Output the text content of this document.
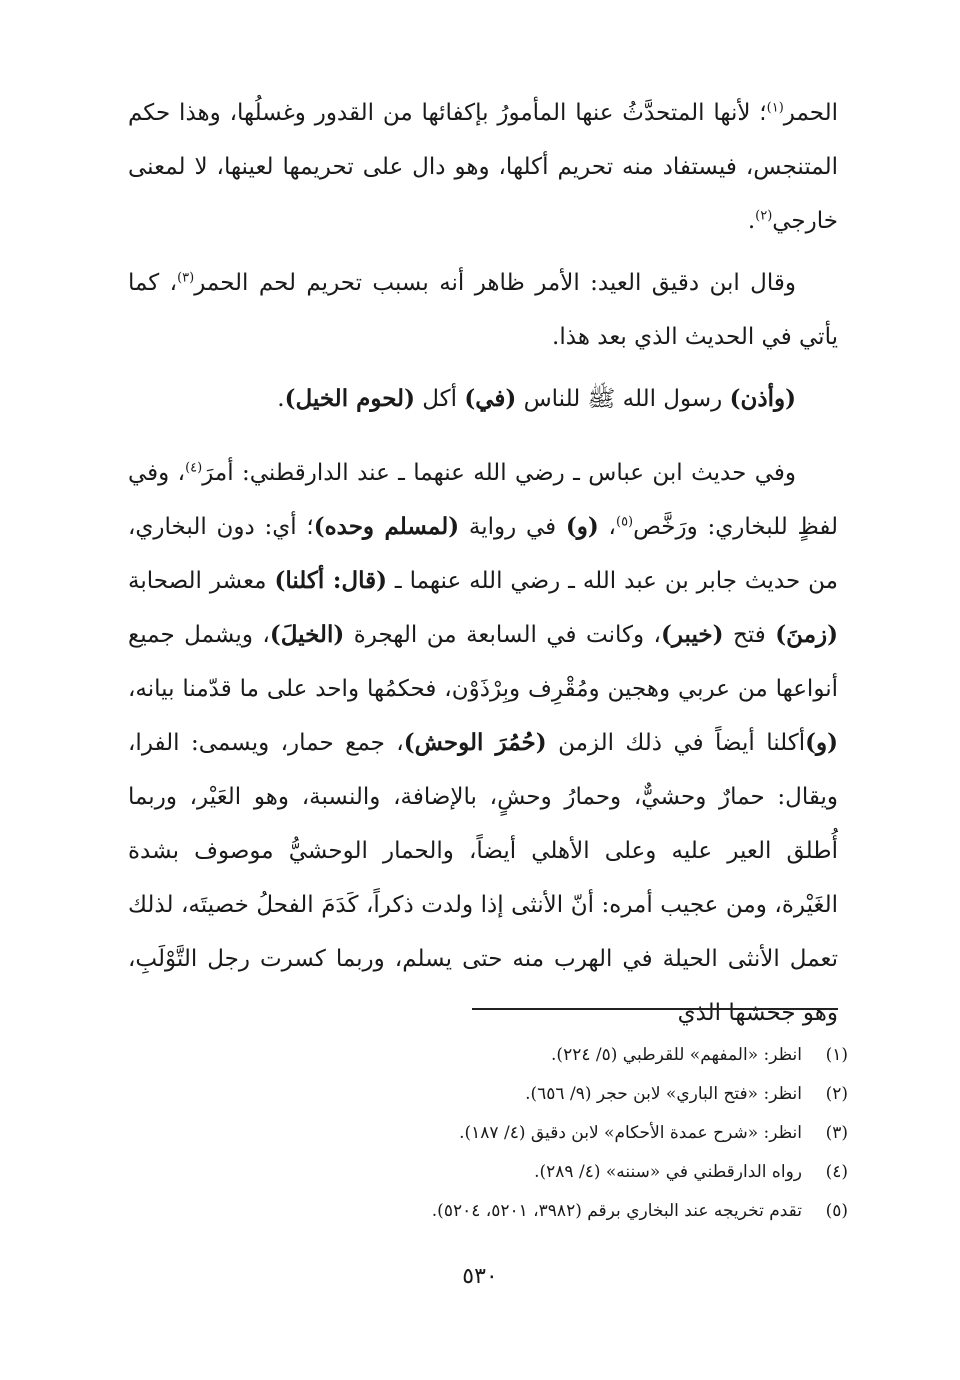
الحمر$^{(١)}$؛ لأنها المتحدَّثُ عنها المأمورُ بإكفائها من القدور وغسلُها، وهذا حكم المتنجس، فيستفاد منه تحريم أكلها، وهو دال على تحريمها لعينها، لا لمعنى خارجي$^{(٢)}$.

وقال ابن دقيق العيد: الأمر ظاهر أنه بسبب تحريم لحم الحمر$^{(٣)}$، كما يأتي في الحديث الذي بعد هذا.

(وأذن) رسول الله ﷺ للناس (في) أكل (لحوم الخيل).

وفي حديث ابن عباس ـ رضي الله عنهما ـ عند الدارقطني: أمرَ$^{(٤)}$، وفي لفظٍ للبخاري: ورَخَّص$^{(٥)}$، (و) في رواية (لمسلم وحده)؛ أي: دون البخاري، من حديث جابر بن عبد الله ـ رضي الله عنهما ـ (قال: أكلنا) معشر الصحابة (زمنَ) فتح (خيبر)، وكانت في السابعة من الهجرة (الخيلَ)، ويشمل جميع أنواعها من عربي وهجين ومُقْرِف وبِرْذَوْن، فحكمُها واحد على ما قدّمنا بيانه، (و)أكلنا أيضاً في ذلك الزمن (حُمُرَ الوحش)، جمع حمار، ويسمى: الفرا، ويقال: حمارٌ وحشيٌّ، وحمارُ وحشٍ، بالإضافة، والنسبة، وهو العَيْر، وربما أُطلق العير عليه وعلى الأهلي أيضاً، والحمار الوحشيُّ موصوف بشدة الغَيْرة، ومن عجيب أمره: أنّ الأنثى إذا ولدت ذكراً، كَدَمَ الفحلُ خصيتَه، لذلك تعمل الأنثى الحيلة في الهرب منه حتى يسلم، وربما كسرت رجل التَّوْلَبِ، وهو جحشها الذي

(١)
انظر: «المفهم» للقرطبي (٥/ ٢٢٤).
(٢)
انظر: «فتح الباري» لابن حجر (٩/ ٦٥٦).
(٣)
انظر: «شرح عمدة الأحكام» لابن دقيق (٤/ ١٨٧).
(٤)
رواه الدارقطني في «سننه» (٤/ ٢٨٩).
(٥)
تقدم تخريجه عند البخاري برقم (٣٩٨٢، ٥٢٠١، ٥٢٠٤).
٥٣٠
